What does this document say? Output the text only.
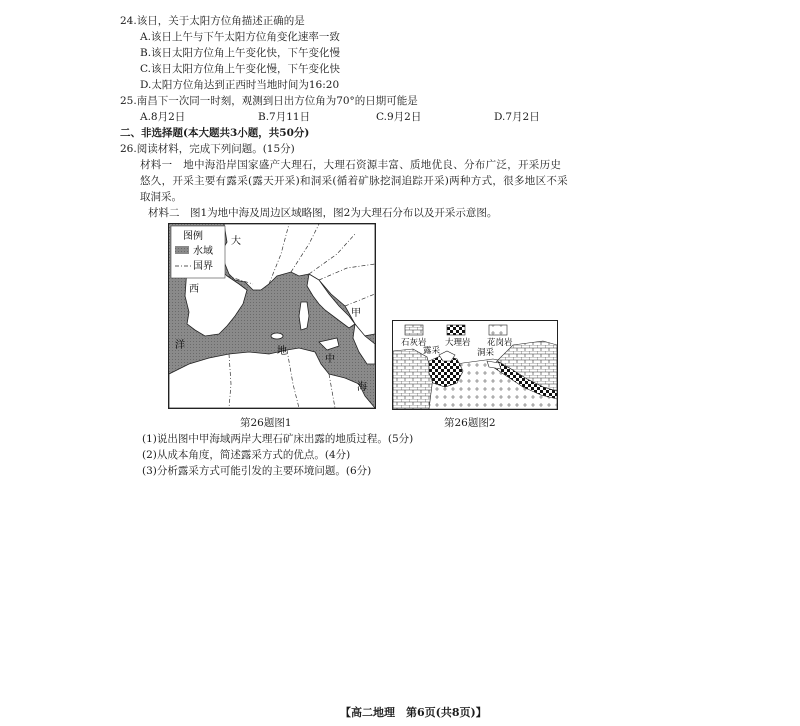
24.该日，关于太阳方位角描述正确的是
A.该日上午与下午太阳方位角变化速率一致
B.该日太阳方位角上午变化快，下午变化慢
C.该日太阳方位角上午变化慢，下午变化快
D.太阳方位角达到正西时当地时间为16:20
25.南昌下一次同一时刻，观测到日出方位角为70°的日期可能是
A.8月2日	B.7月11日	C.9月2日	D.7月2日
二、非选择题(本大题共3小题，共50分)
26.阅读材料，完成下列问题。(15分)
材料一　地中海沿岸国家盛产大理石，大理石资源丰富、质地优良、分布广泛，开采历史
悠久，开采主要有露采(露天开采)和洞采(循着矿脉挖洞追踪开采)两种方式，很多地区不采
取洞采。
材料二　图1为地中海及周边区域略图，图2为大理石分布以及开采示意图。
图例
水域
国界
大
西
洋
地
中
海
甲
第26题图1
石灰岩 大理岩 花岗岩
露采	洞采
第26题图2
(1)说出图中甲海域两岸大理石矿床出露的地质过程。(5分)
(2)从成本角度，简述露采方式的优点。(4分)
(3)分析露采方式可能引发的主要环境问题。(6分)
【高二地理　第6页(共8页)】
